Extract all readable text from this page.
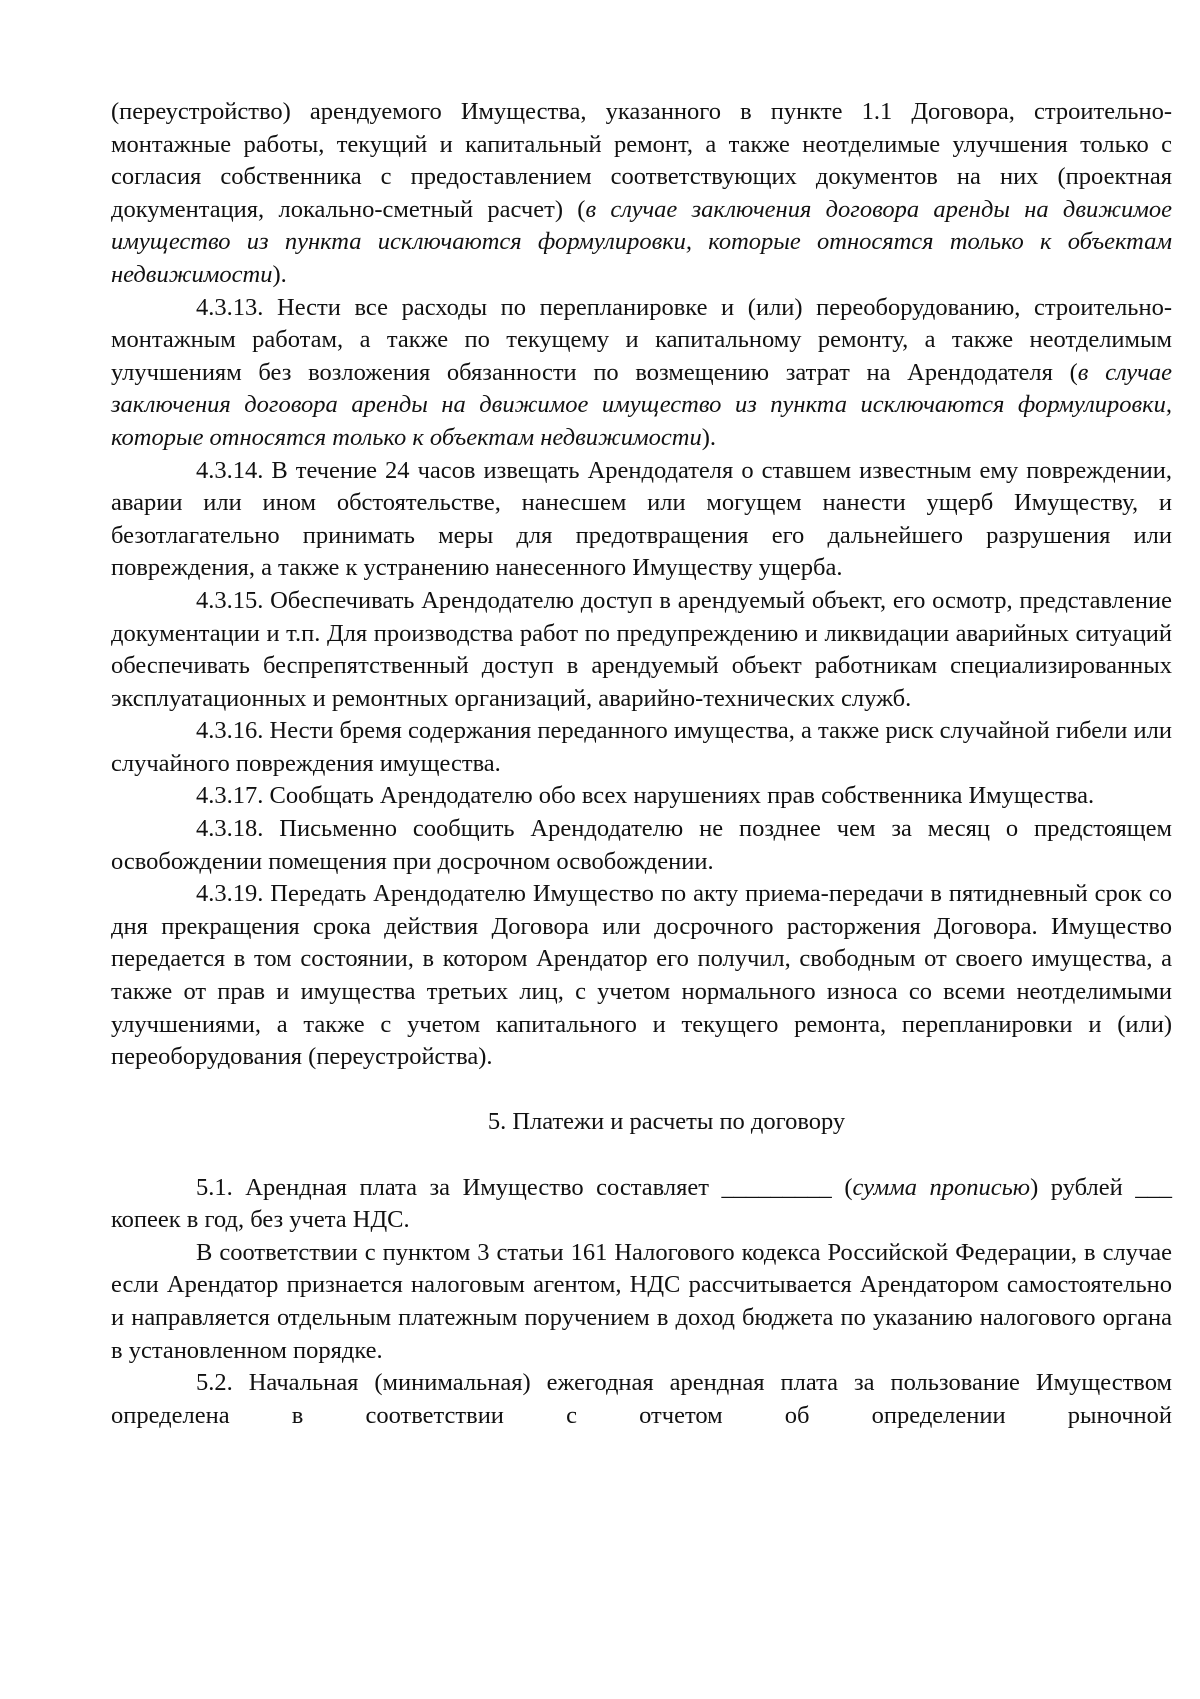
(переустройство) арендуемого Имущества, указанного в пункте 1.1 Договора, строительно-монтажные работы, текущий и капитальный ремонт, а также неотделимые улучшения только с согласия собственника с предоставлением соответствующих документов на них (проектная документация, локально-сметный расчет) (в случае заключения договора аренды на движимое имущество из пункта исключаются формулировки, которые относятся только к объектам недвижимости).

4.3.13. Нести все расходы по перепланировке и (или) переоборудованию, строительно-монтажным работам, а также по текущему и капитальному ремонту, а также неотделимым улучшениям без возложения обязанности по возмещению затрат на Арендодателя (в случае заключения договора аренды на движимое имущество из пункта исключаются формулировки, которые относятся только к объектам недвижимости).

4.3.14. В течение 24 часов извещать Арендодателя о ставшем известным ему повреждении, аварии или ином обстоятельстве, нанесшем или могущем нанести ущерб Имуществу, и безотлагательно принимать меры для предотвращения его дальнейшего разрушения или повреждения, а также к устранению нанесенного Имуществу ущерба.

4.3.15. Обеспечивать Арендодателю доступ в арендуемый объект, его осмотр, представление документации и т.п. Для производства работ по предупреждению и ликвидации аварийных ситуаций обеспечивать беспрепятственный доступ в арендуемый объект работникам специализированных эксплуатационных и ремонтных организаций, аварийно-технических служб.

4.3.16. Нести бремя содержания переданного имущества, а также риск случайной гибели или случайного повреждения имущества.

4.3.17. Сообщать Арендодателю обо всех нарушениях прав собственника Имущества.

4.3.18. Письменно сообщить Арендодателю не позднее чем за месяц о предстоящем освобождении помещения при досрочном освобождении.

4.3.19. Передать Арендодателю Имущество по акту приема-передачи в пятидневный срок со дня прекращения срока действия Договора или досрочного расторжения Договора. Имущество передается в том состоянии, в котором Арендатор его получил, свободным от своего имущества, а также от прав и имущества третьих лиц, с учетом нормального износа со всеми неотделимыми улучшениями, а также с учетом капитального и текущего ремонта, перепланировки и (или) переоборудования (переустройства).

5. Платежи и расчеты по договору

5.1. Арендная плата за Имущество составляет _________ (сумма прописью) рублей ___ копеек в год, без учета НДС.

В соответствии с пунктом 3 статьи 161 Налогового кодекса Российской Федерации, в случае если Арендатор признается налоговым агентом, НДС рассчитывается Арендатором самостоятельно и направляется отдельным платежным поручением в доход бюджета по указанию налогового органа в установленном порядке.

5.2. Начальная (минимальная) ежегодная арендная плата за пользование Имуществом определена в соответствии с отчетом об определении рыночной
